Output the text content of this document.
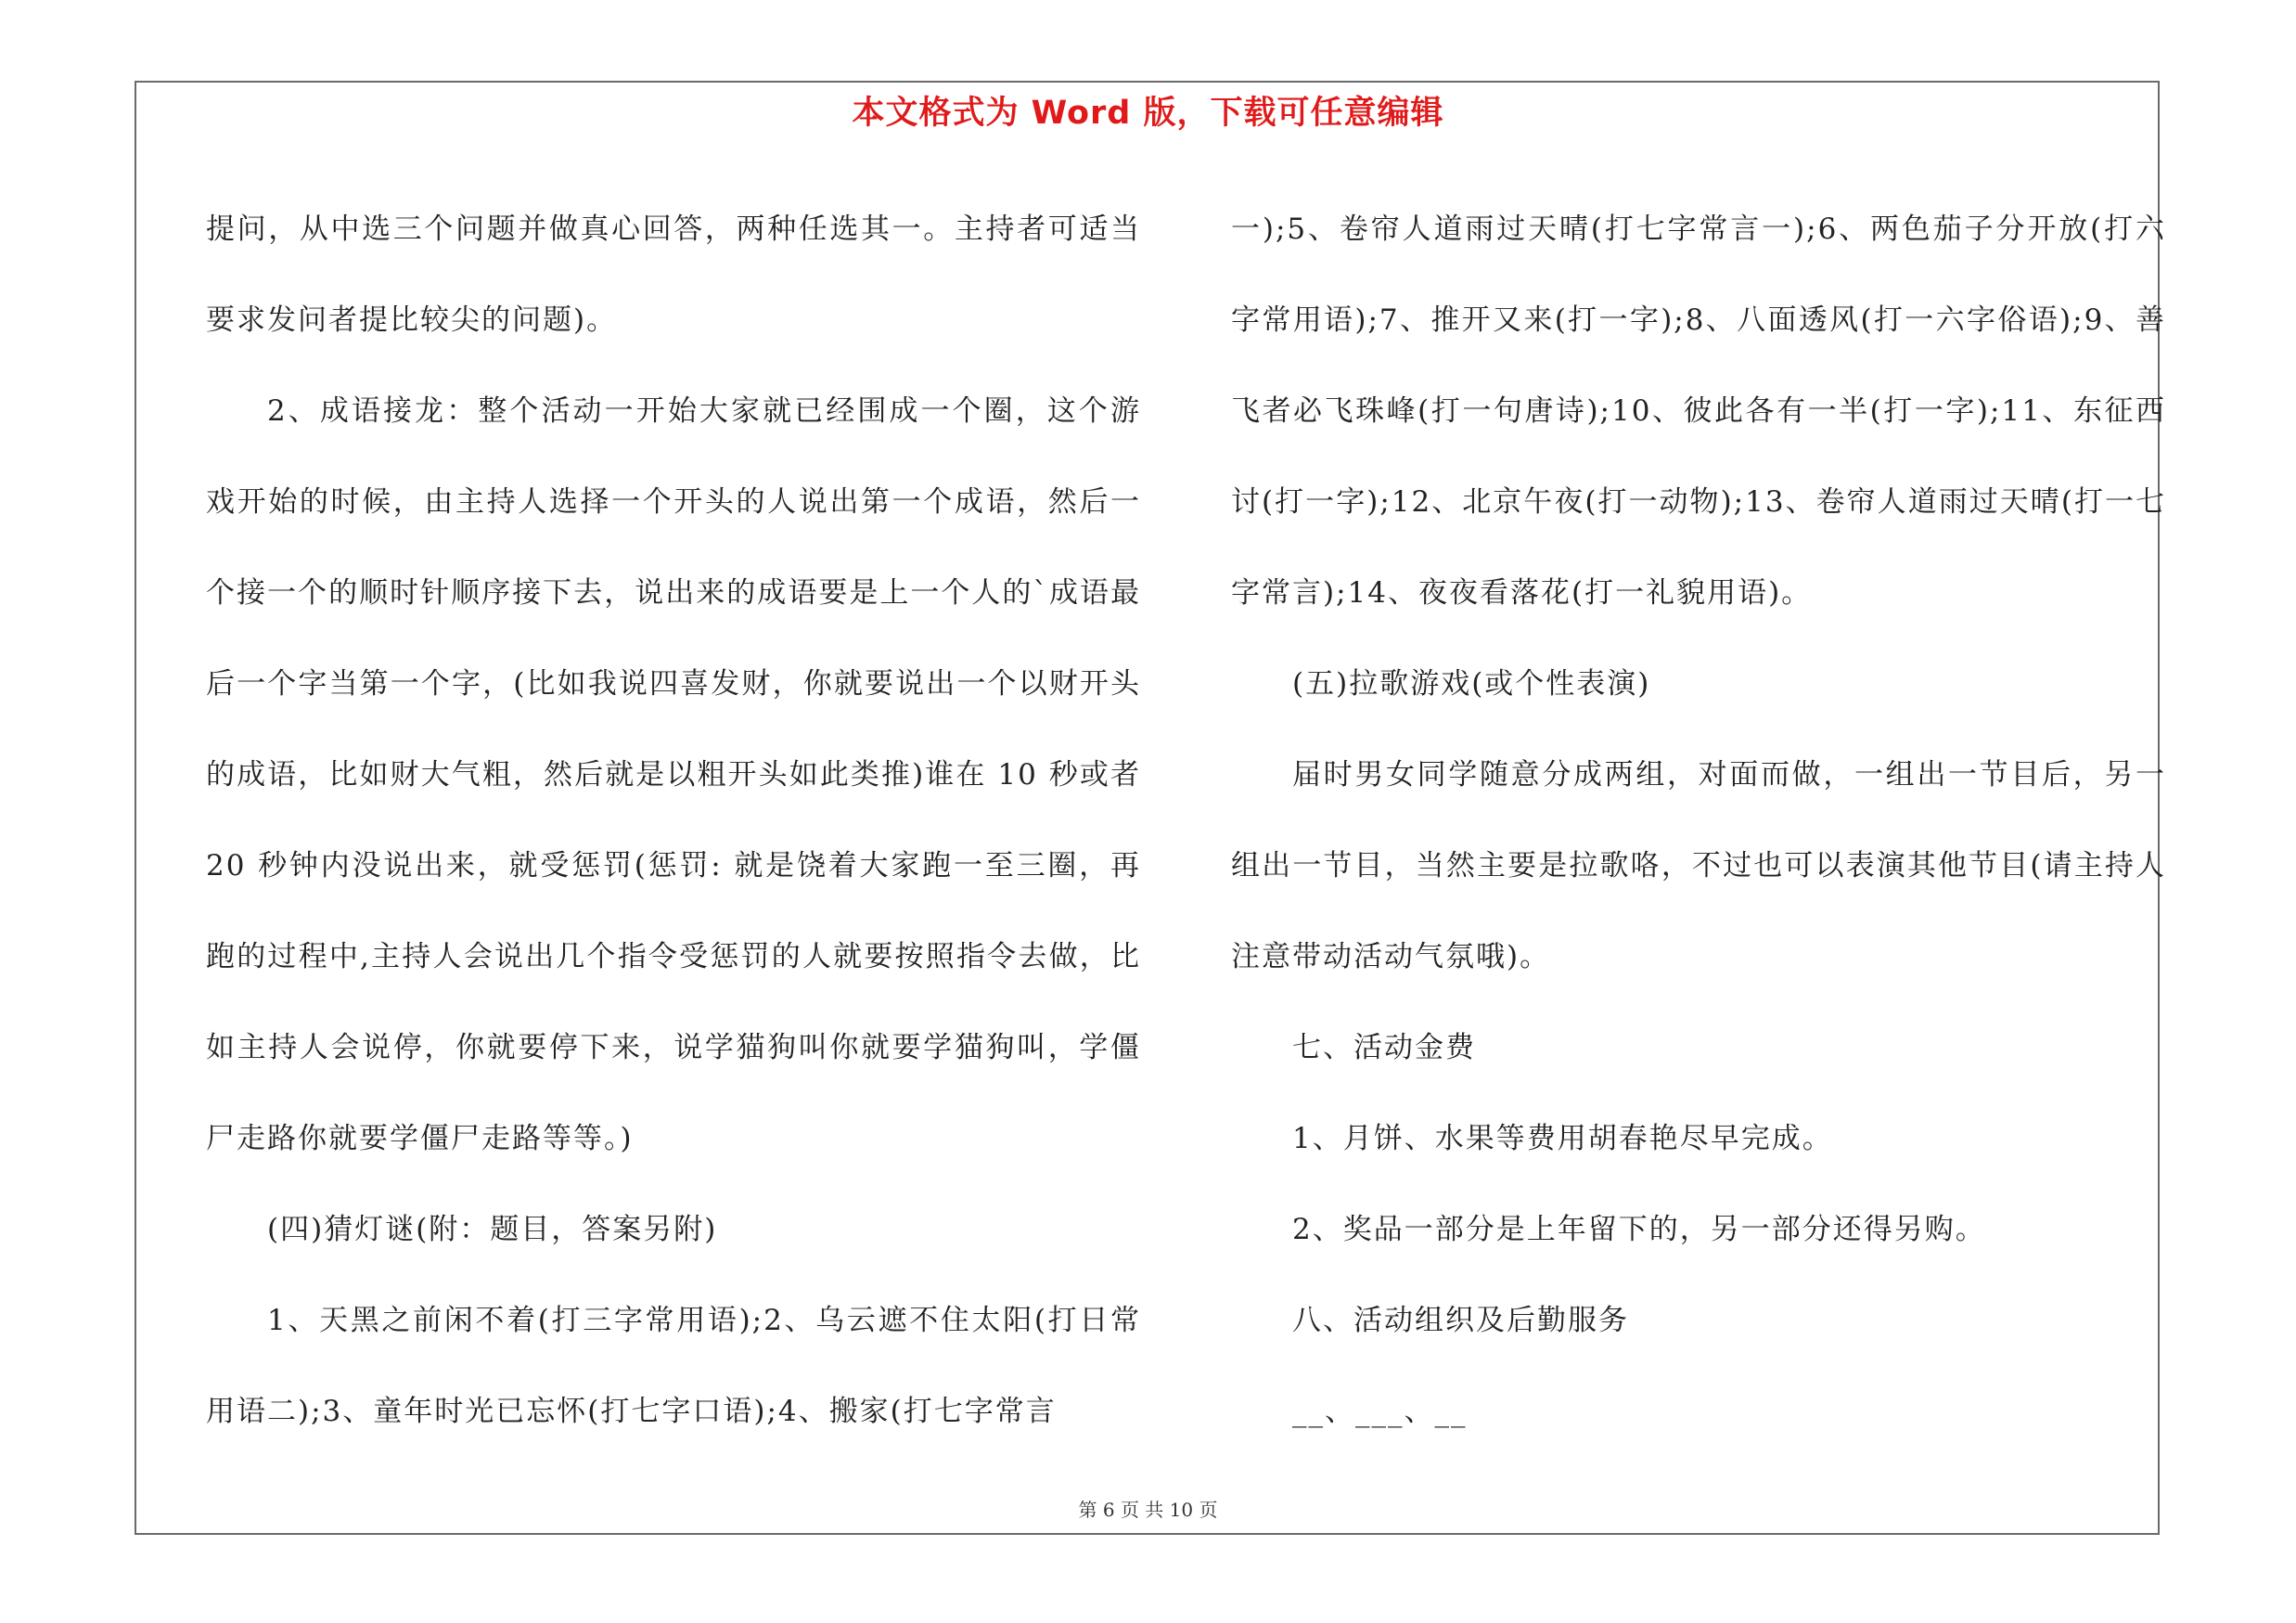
本文格式为 Word 版，下载可任意编辑

提问，从中选三个问题并做真心回答，两种任选其一。主持者可适当要求发问者提比较尖的问题)。

2、成语接龙：整个活动一开始大家就已经围成一个圈，这个游戏开始的时候，由主持人选择一个开头的人说出第一个成语，然后一个接一个的顺时针顺序接下去，说出来的成语要是上一个人的`成语最后一个字当第一个字，(比如我说四喜发财，你就要说出一个以财开头的成语，比如财大气粗，然后就是以粗开头如此类推)谁在 10 秒或者 20 秒钟内没说出来，就受惩罚(惩罚: 就是饶着大家跑一至三圈，再跑的过程中,主持人会说出几个指令受惩罚的人就要按照指令去做，比如主持人会说停，你就要停下来，说学猫狗叫你就要学猫狗叫，学僵尸走路你就要学僵尸走路等等。)

(四)猜灯谜(附：题目，答案另附)

1、天黑之前闲不着(打三字常用语);2、乌云遮不住太阳(打日常用语二);3、童年时光已忘怀(打七字口语);4、搬家(打七字常言

一);5、卷帘人道雨过天晴(打七字常言一);6、两色茄子分开放(打六字常用语);7、推开又来(打一字);8、八面透风(打一六字俗语);9、善飞者必飞珠峰(打一句唐诗);10、彼此各有一半(打一字);11、东征西讨(打一字);12、北京午夜(打一动物);13、卷帘人道雨过天晴(打一七字常言);14、夜夜看落花(打一礼貌用语)。

(五)拉歌游戏(或个性表演)

届时男女同学随意分成两组，对面而做，一组出一节目后，另一组出一节目，当然主要是拉歌咯，不过也可以表演其他节目(请主持人注意带动活动气氛哦)。

七、活动金费

1、月饼、水果等费用胡春艳尽早完成。

2、奖品一部分是上年留下的，另一部分还得另购。

八、活动组织及后勤服务

__、___、__

第 6 页 共 10 页
